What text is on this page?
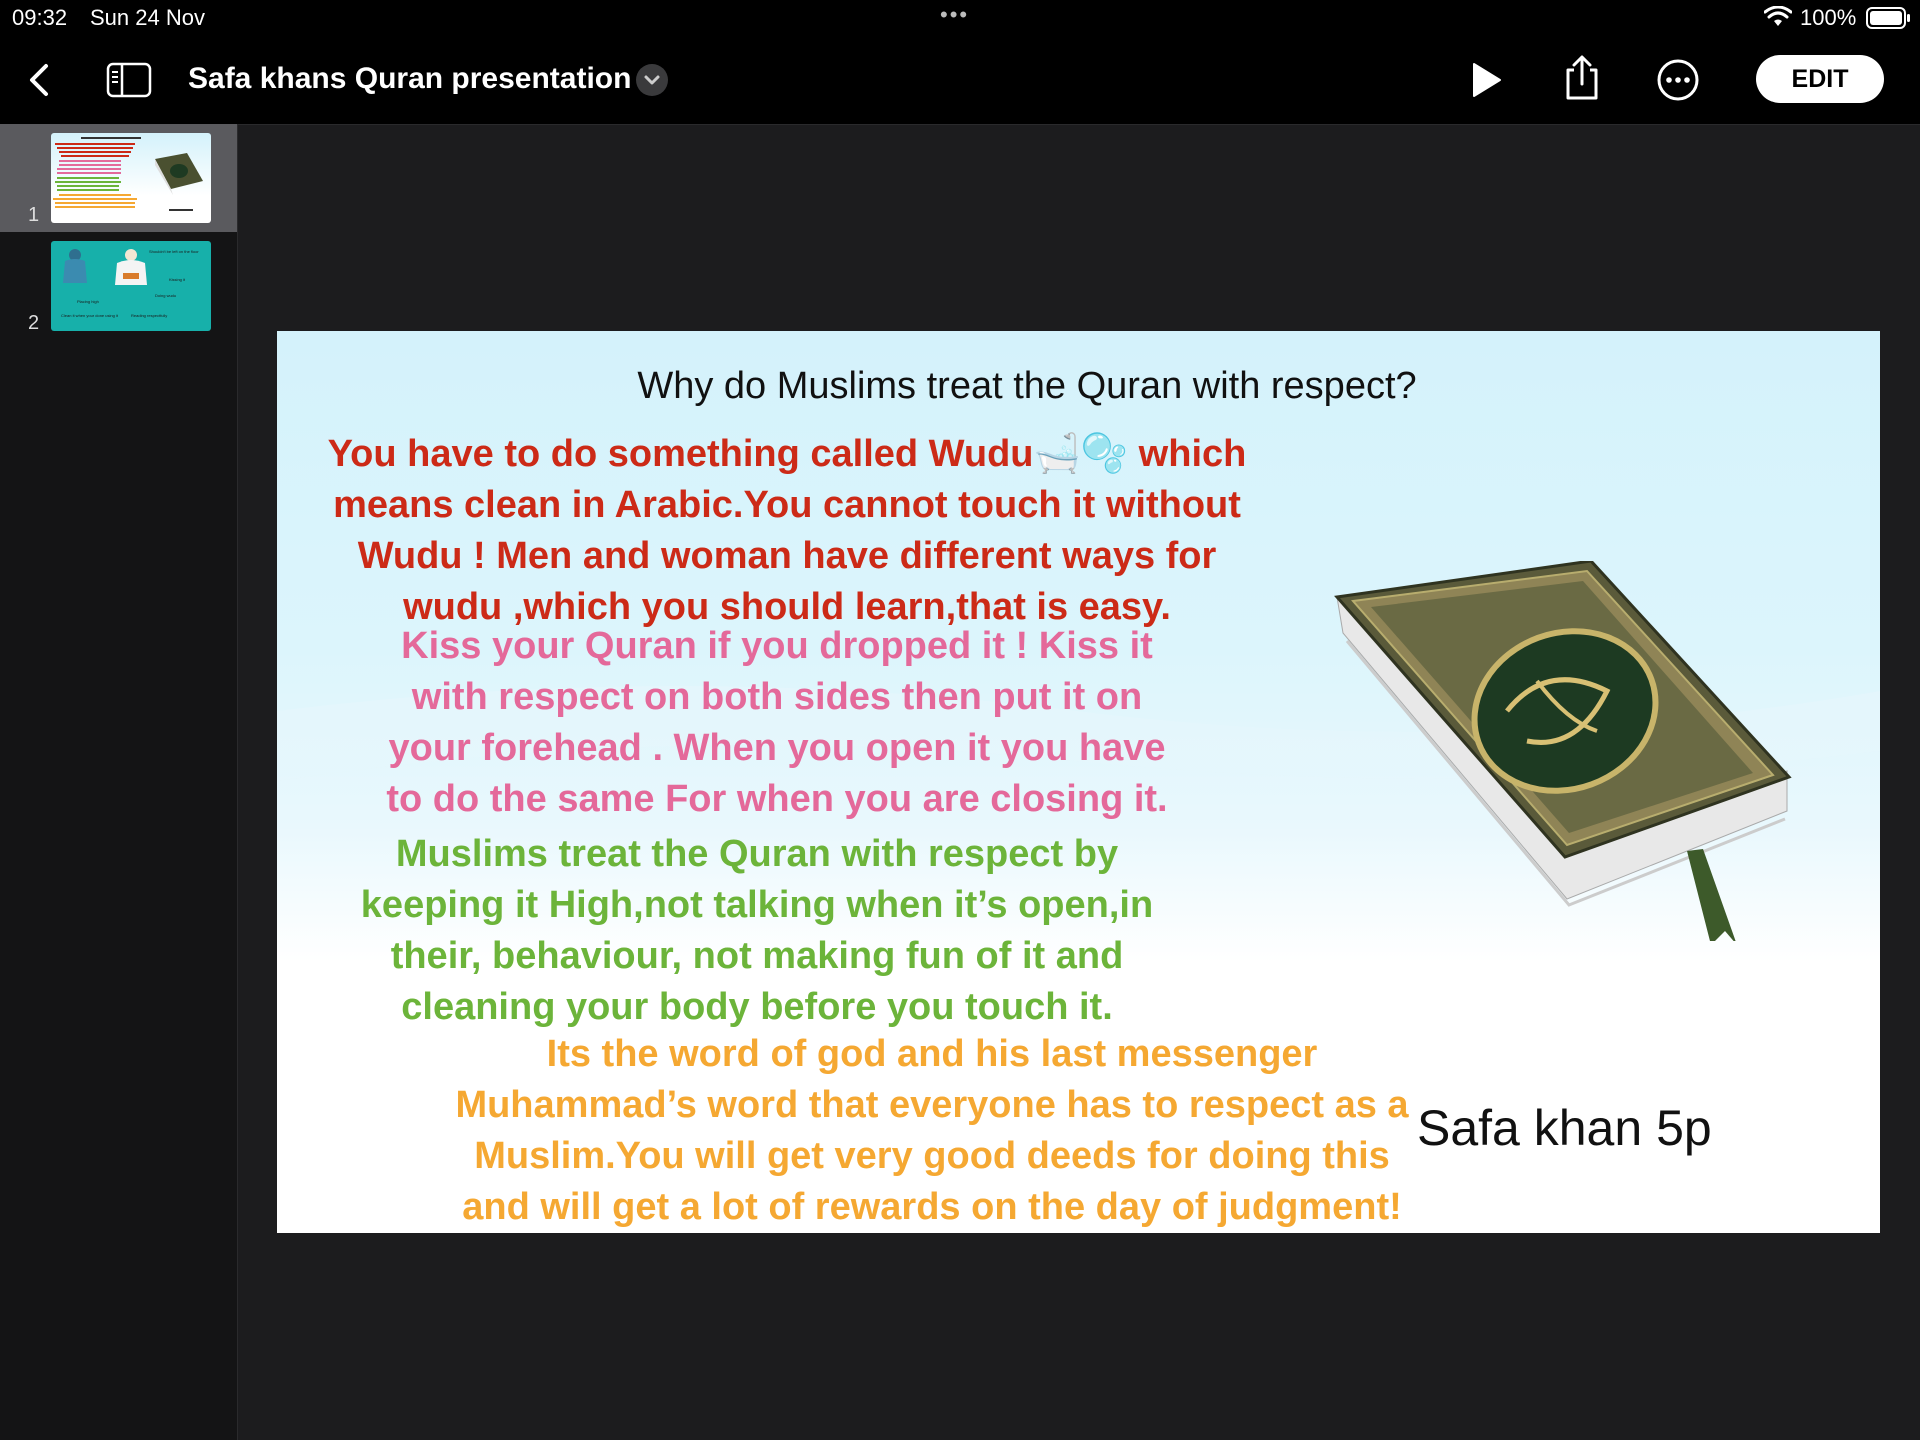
09:32 Sun 24 Nov	•••	100%
Safa khans Quran presentation	EDIT
1
2
Shouldn't be left on the floor
Kissing it
Doing wudu
Placing high
Clean it when your done using it	Reading respectfully
Why do Muslims treat the Quran with respect?
You have to do something called Wudu🛁🫧 which
means clean in Arabic.You cannot touch it without
Wudu ! Men and woman have different ways for
wudu ,which you should learn,that is easy.
Kiss your Quran if you dropped it ! Kiss it
with respect on both sides then put it on
your forehead . When you open it you have
to do the same For when you are closing it.
Muslims treat the Quran with respect by
keeping it High,not talking when it’s open,in
their, behaviour, not making fun of it and
cleaning your body before you touch it.
Its the word of god and his last messenger
Muhammad’s word that everyone has to respect as a
Muslim.You will get very good deeds for doing this
and will get a lot of rewards on the day of judgment!
Safa khan 5p
